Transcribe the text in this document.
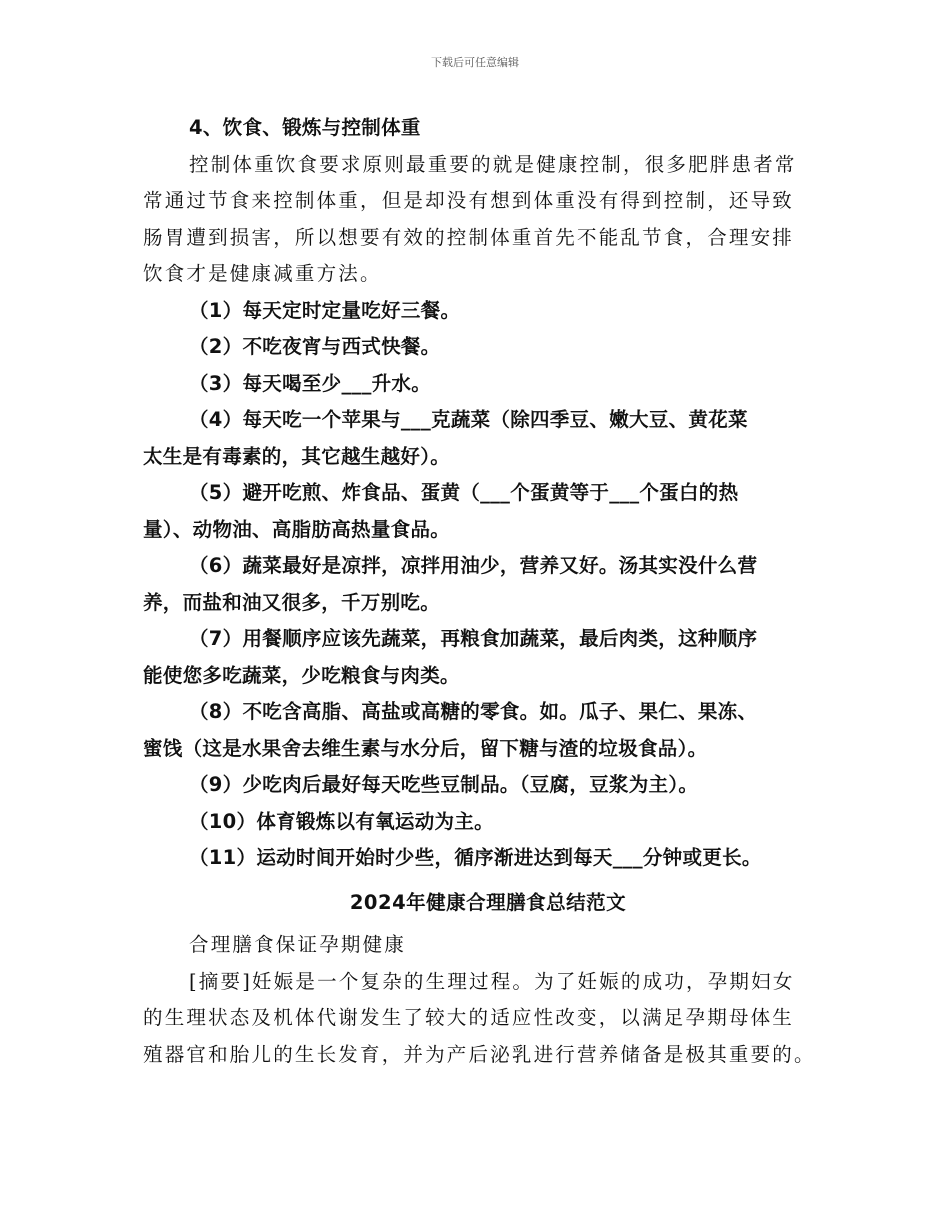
下载后可任意编辑

4、饮食、锻炼与控制体重

控制体重饮食要求原则最重要的就是健康控制，很多肥胖患者常

常通过节食来控制体重，但是却没有想到体重没有得到控制，还导致

肠胃遭到损害，所以想要有效的控制体重首先不能乱节食，合理安排

饮食才是健康减重方法。

（1）每天定时定量吃好三餐。

（2）不吃夜宵与西式快餐。

（3）每天喝至少___升水。

（4）每天吃一个苹果与___克蔬菜（除四季豆、嫩大豆、黄花菜

太生是有毒素的，其它越生越好）。

（5）避开吃煎、炸食品、蛋黄（___个蛋黄等于___个蛋白的热

量）、动物油、高脂肪高热量食品。

（6）蔬菜最好是凉拌，凉拌用油少，营养又好。汤其实没什么营

养，而盐和油又很多，千万别吃。

（7）用餐顺序应该先蔬菜，再粮食加蔬菜，最后肉类，这种顺序

能使您多吃蔬菜，少吃粮食与肉类。

（8）不吃含高脂、高盐或高糖的零食。如。瓜子、果仁、果冻、

蜜饯（这是水果舍去维生素与水分后，留下糖与渣的垃圾食品）。

（9）少吃肉后最好每天吃些豆制品。（豆腐，豆浆为主）。

（10）体育锻炼以有氧运动为主。

（11）运动时间开始时少些，循序渐进达到每天___分钟或更长。

2024年健康合理膳食总结范文

合理膳食保证孕期健康

[摘要]妊娠是一个复杂的生理过程。为了妊娠的成功，孕期妇女

的生理状态及机体代谢发生了较大的适应性改变，以满足孕期母体生

殖器官和胎儿的生长发育，并为产后泌乳进行营养储备是极其重要的。
